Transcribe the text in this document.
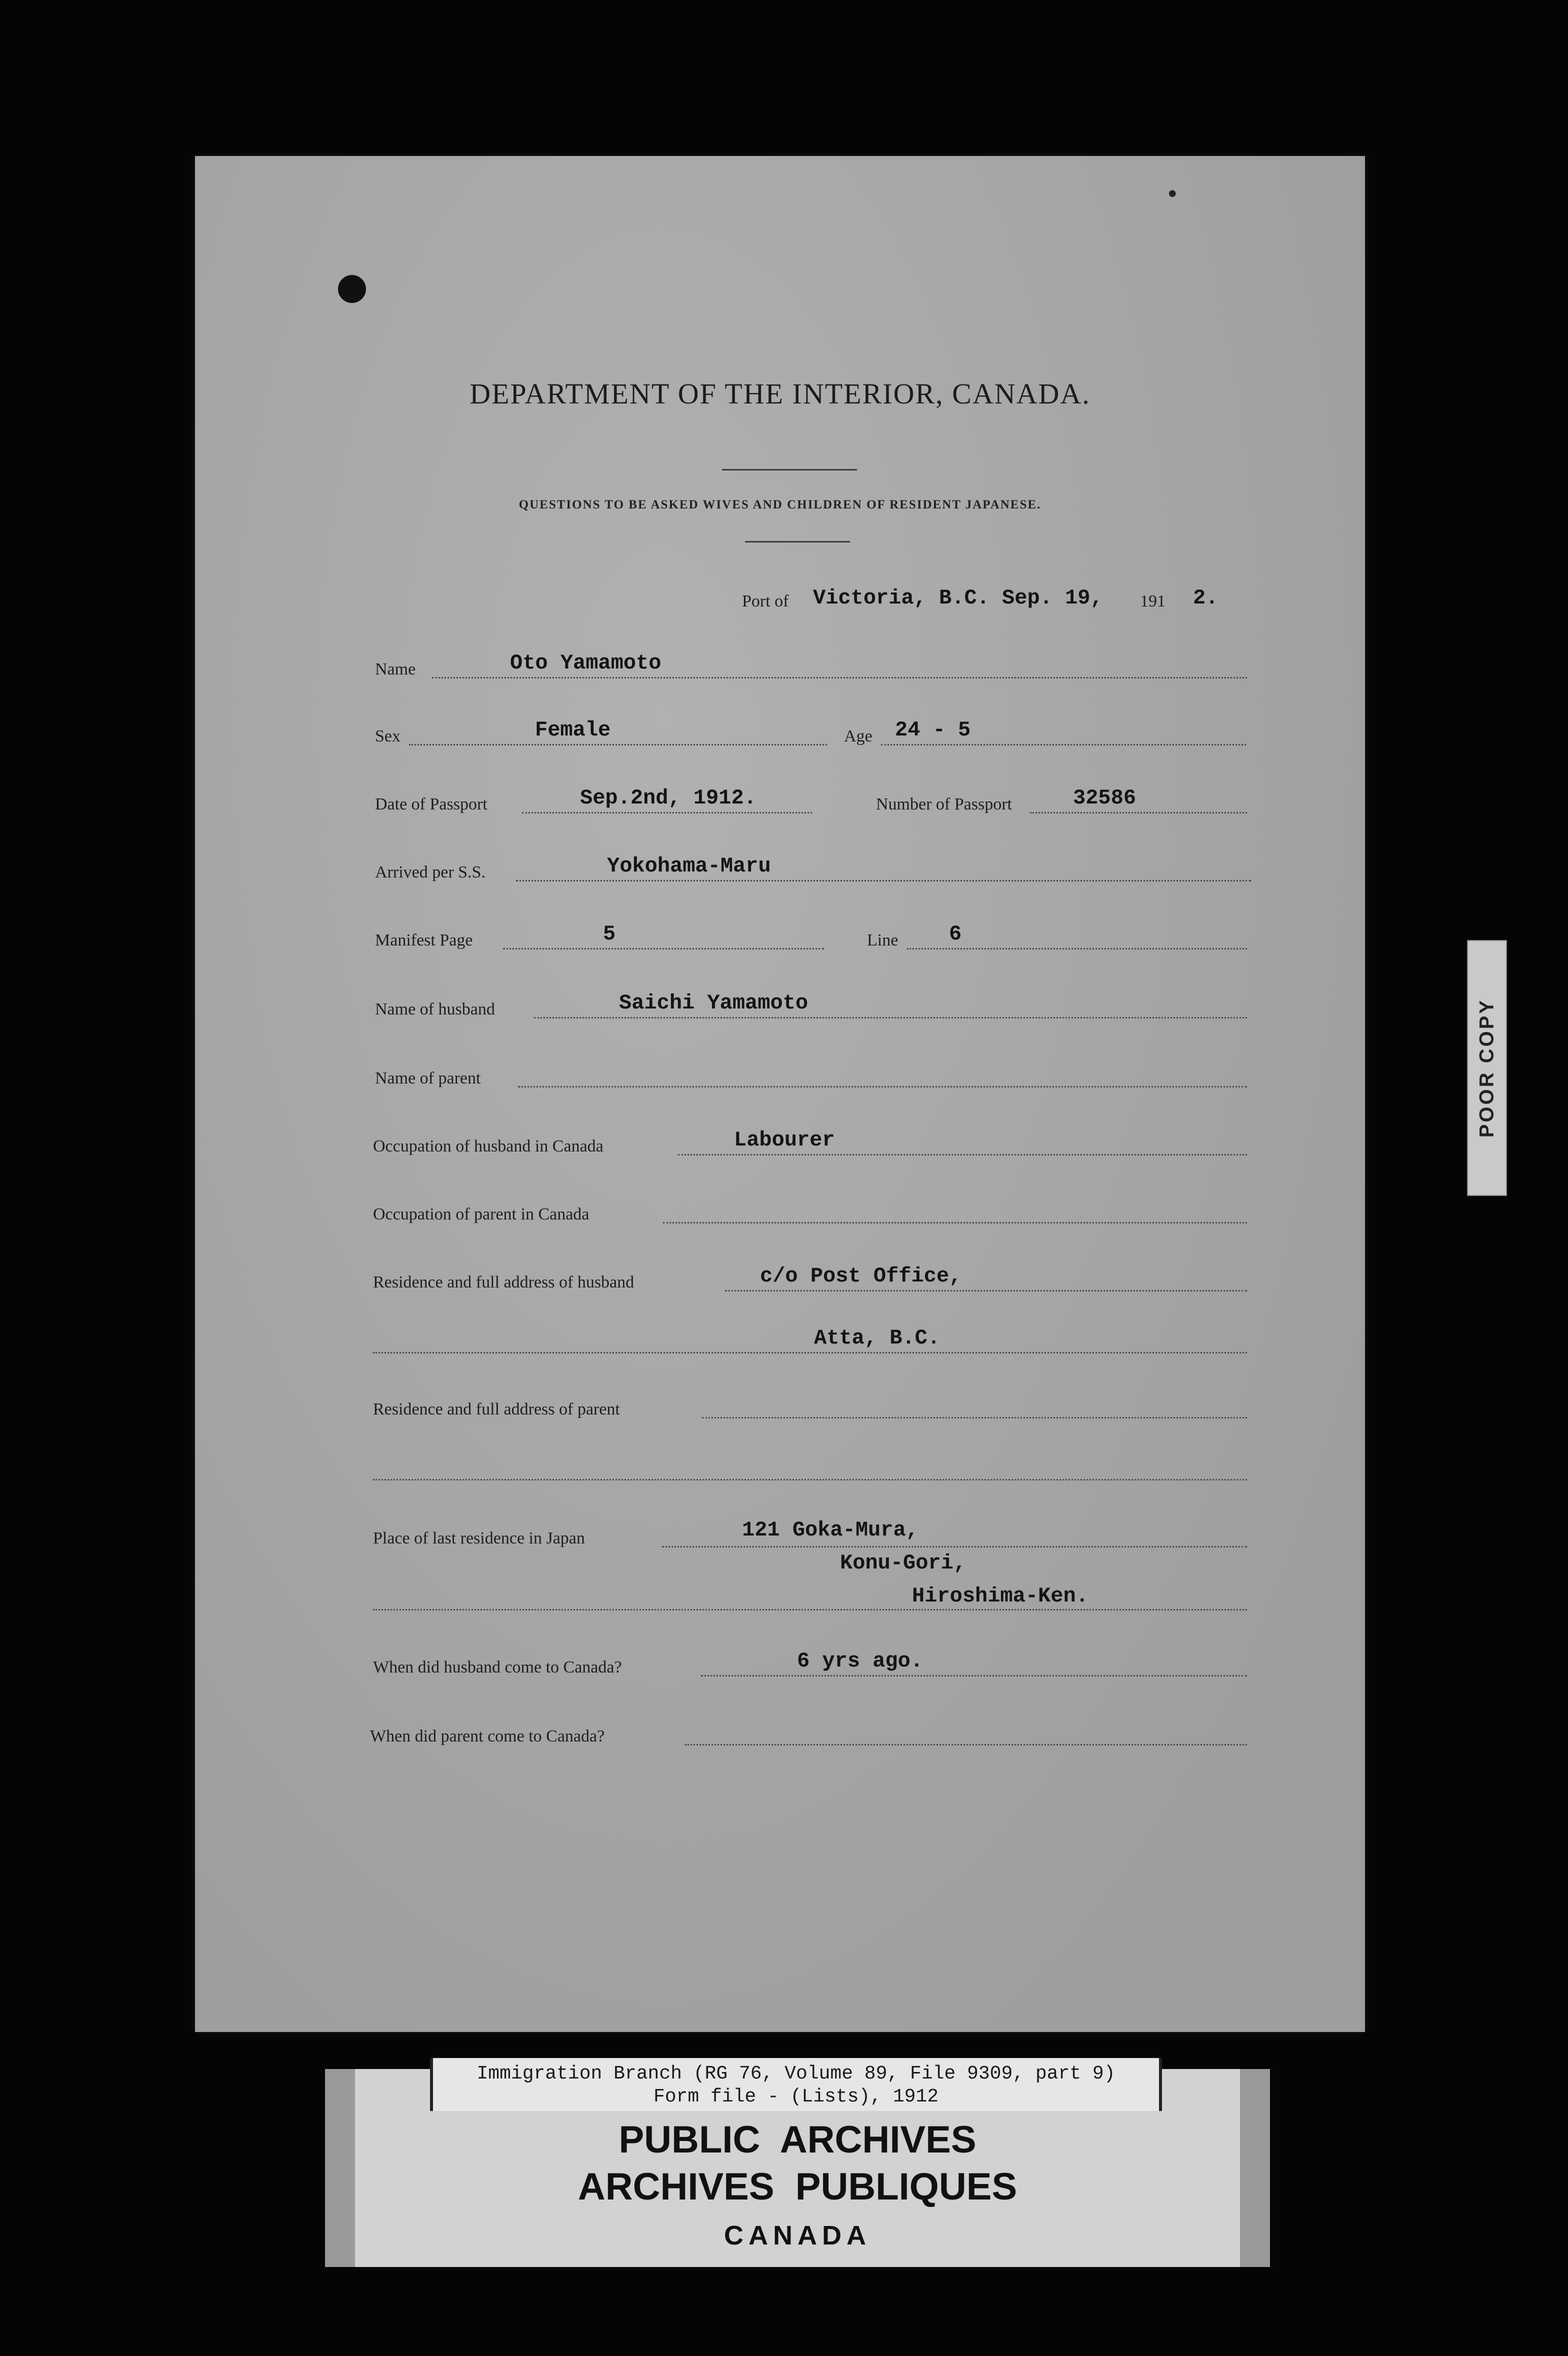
•
DEPARTMENT OF THE INTERIOR, CANADA.
QUESTIONS TO BE ASKED WIVES AND CHILDREN OF RESIDENT JAPANESE.
Port of Victoria, B.C. Sep. 19, 191 2.
Name	Oto Yamamoto
Sex	Female	Age 24 - 5
Date of Passport	Sep.2nd, 1912.	Number of Passport	32586
Arrived per S.S.	Yokohama-Maru
Manifest Page	5	Line 6
Name of husband	Saichi Yamamoto
Name of parent
Occupation of husband in Canada	Labourer
Occupation of parent in Canada
Residence and full address of husband	c/o Post Office,
Atta, B.C.
Residence and full address of parent
Place of last residence in Japan	121 Goka-Mura,
Konu-Gori,
Hiroshima-Ken.
When did husband come to Canada?	6 yrs ago.
When did parent come to Canada?
POOR COPY
Immigration Branch (RG 76, Volume 89, File 9309, part 9)
Form file - (Lists), 1912
PUBLIC  ARCHIVES
ARCHIVES  PUBLIQUES
CANADA
